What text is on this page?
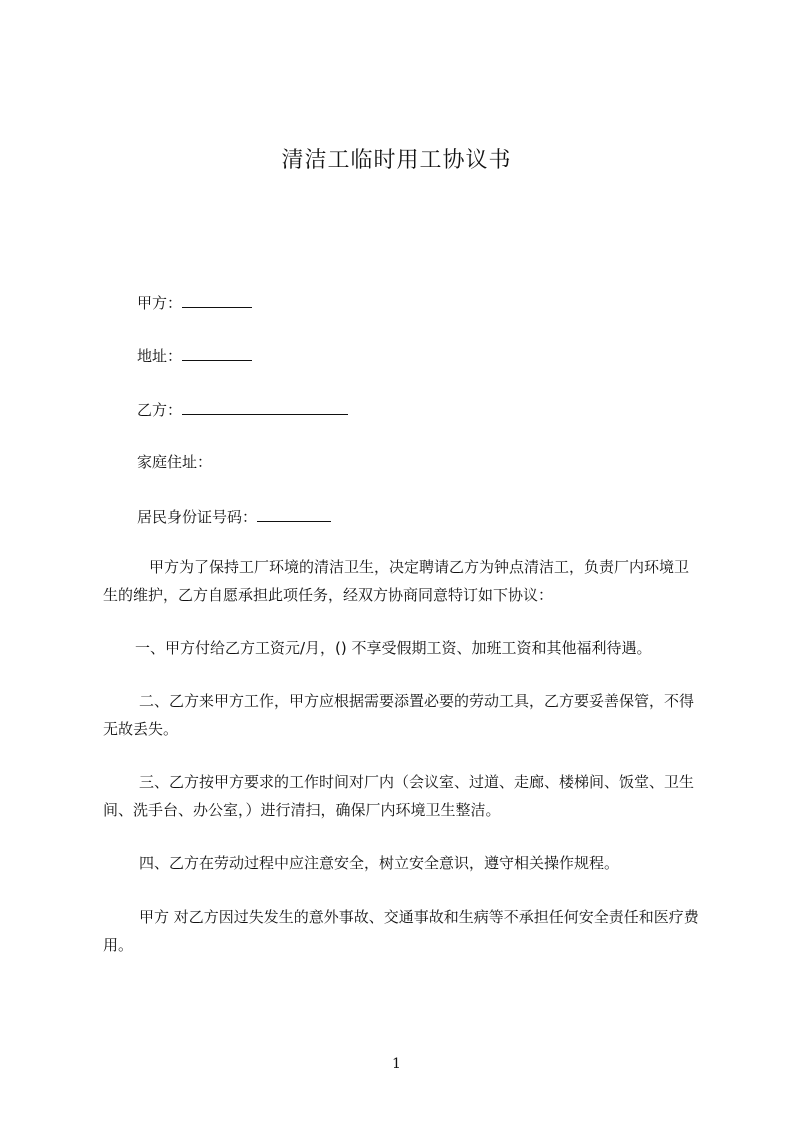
清洁工临时用工协议书
甲方：
地址：
乙方：
家庭住址：
居民身份证号码：
甲方为了保持工厂环境的清洁卫生，决定聘请乙方为钟点清洁工，负责厂内环境卫生的维护，乙方自愿承担此项任务，经双方协商同意特订如下协议：
一、甲方付给乙方工资元/月，() 不享受假期工资、加班工资和其他福利待遇。
二、乙方来甲方工作，甲方应根据需要添置必要的劳动工具，乙方要妥善保管，不得无故丢失。
三、乙方按甲方要求的工作时间对厂内（会议室、过道、走廊、楼梯间、饭堂、卫生间、洗手台、办公室，）进行清扫，确保厂内环境卫生整洁。
四、乙方在劳动过程中应注意安全，树立安全意识，遵守相关操作规程。
甲方 对乙方因过失发生的意外事故、交通事故和生病等不承担任何安全责任和医疗费用。
1
